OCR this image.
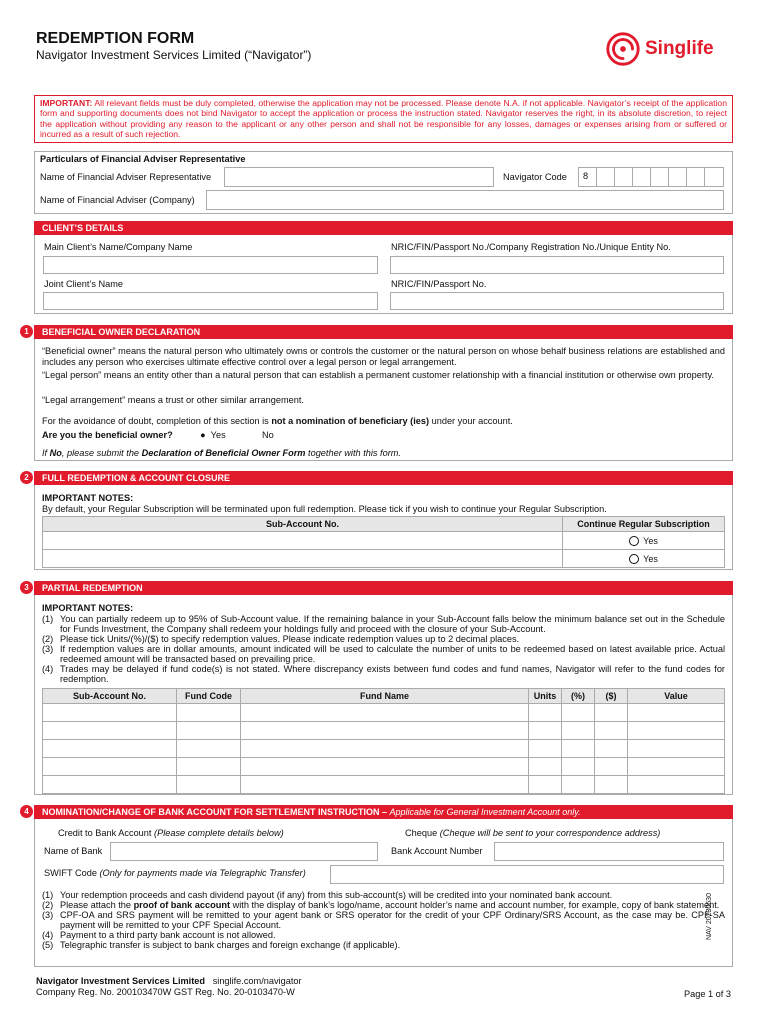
REDEMPTION FORM
Navigator Investment Services Limited (“Navigator”)	Singlife
IMPORTANT: All relevant fields must be duly completed, otherwise the application may not be processed. Please denote N.A. if not applicable. Navigator’s receipt of the application form and supporting documents does not bind Navigator to accept the application or process the instruction stated. Navigator reserves the right, in its absolute discretion, to reject the application without providing any reason to the applicant or any other person and shall not be responsible for any losses, damages or expenses arising from or suffered or incurred as a result of such rejection.
Particulars of Financial Adviser Representative
Name of Financial Adviser Representative	Navigator Code	8
Name of Financial Adviser (Company)
CLIENT’S DETAILS
Main Client’s Name/Company Name	NRIC/FIN/Passport No./Company Registration No./Unique Entity No.
Joint Client’s Name	NRIC/FIN/Passport No.
1	BENEFICIAL OWNER DECLARATION
“Beneficial owner” means the natural person who ultimately owns or controls the customer or the natural person on whose behalf business relations are established and includes any person who exercises ultimate effective control over a legal person or legal arrangement.
“Legal person” means an entity other than a natural person that can establish a permanent customer relationship with a financial institution or otherwise own property.
“Legal arrangement” means a trust or other similar arrangement.
For the avoidance of doubt, completion of this section is not a nomination of beneficiary (ies) under your account.
Are you the beneficial owner?	● Yes	No
If No, please submit the Declaration of Beneficial Owner Form together with this form.
2	FULL REDEMPTION & ACCOUNT CLOSURE
IMPORTANT NOTES:
By default, your Regular Subscription will be terminated upon full redemption. Please tick if you wish to continue your Regular Subscription.
Sub-Account No.	Continue Regular Subscription
	Yes
	Yes
3	PARTIAL REDEMPTION
IMPORTANT NOTES:
(1) You can partially redeem up to 95% of Sub-Account value. If the remaining balance in your Sub-Account falls below the minimum balance set out in the Schedule for Funds Investment, the Company shall redeem your holdings fully and proceed with the closure of your Sub-Account.
(2) Please tick Units/(%)/($) to specify redemption values. Please indicate redemption values up to 2 decimal places.
(3) If redemption values are in dollar amounts, amount indicated will be used to calculate the number of units to be redeemed based on latest available price. Actual redeemed amount will be transacted based on prevailing price.
(4) Trades may be delayed if fund code(s) is not stated. Where discrepancy exists between fund codes and fund names, Navigator will refer to the fund codes for redemption.
Sub-Account No.	Fund Code	Fund Name	Units	(%)	($)	Value

4	NOMINATION/CHANGE OF BANK ACCOUNT FOR SETTLEMENT INSTRUCTION – Applicable for General Investment Account only.
Credit to Bank Account (Please complete details below)	Cheque (Cheque will be sent to your correspondence address)
Name of Bank	Bank Account Number
SWIFT Code (Only for payments made via Telegraphic Transfer)
(1) Your redemption proceeds and cash dividend payout (if any) from this sub-account(s) will be credited into your nominated bank account.
(2) Please attach the proof of bank account with the display of bank’s logo/name, account holder’s name and account number, for example, copy of bank statement.
(3) CPF-OA and SRS payment will be remitted to your agent bank or SRS operator for the credit of your CPF Ordinary/SRS Account, as the case may be. CPF-SA payment will be remitted to your CPF Special Account.
(4) Payment to a third party bank account is not allowed.
(5) Telegraphic transfer is subject to bank charges and foreign exchange (if applicable).
Navigator Investment Services Limited singlife.com/navigator
Company Reg. No. 200103470W GST Reg. No. 20-0103470-W	Page 1 of 3
NAV 20230630
